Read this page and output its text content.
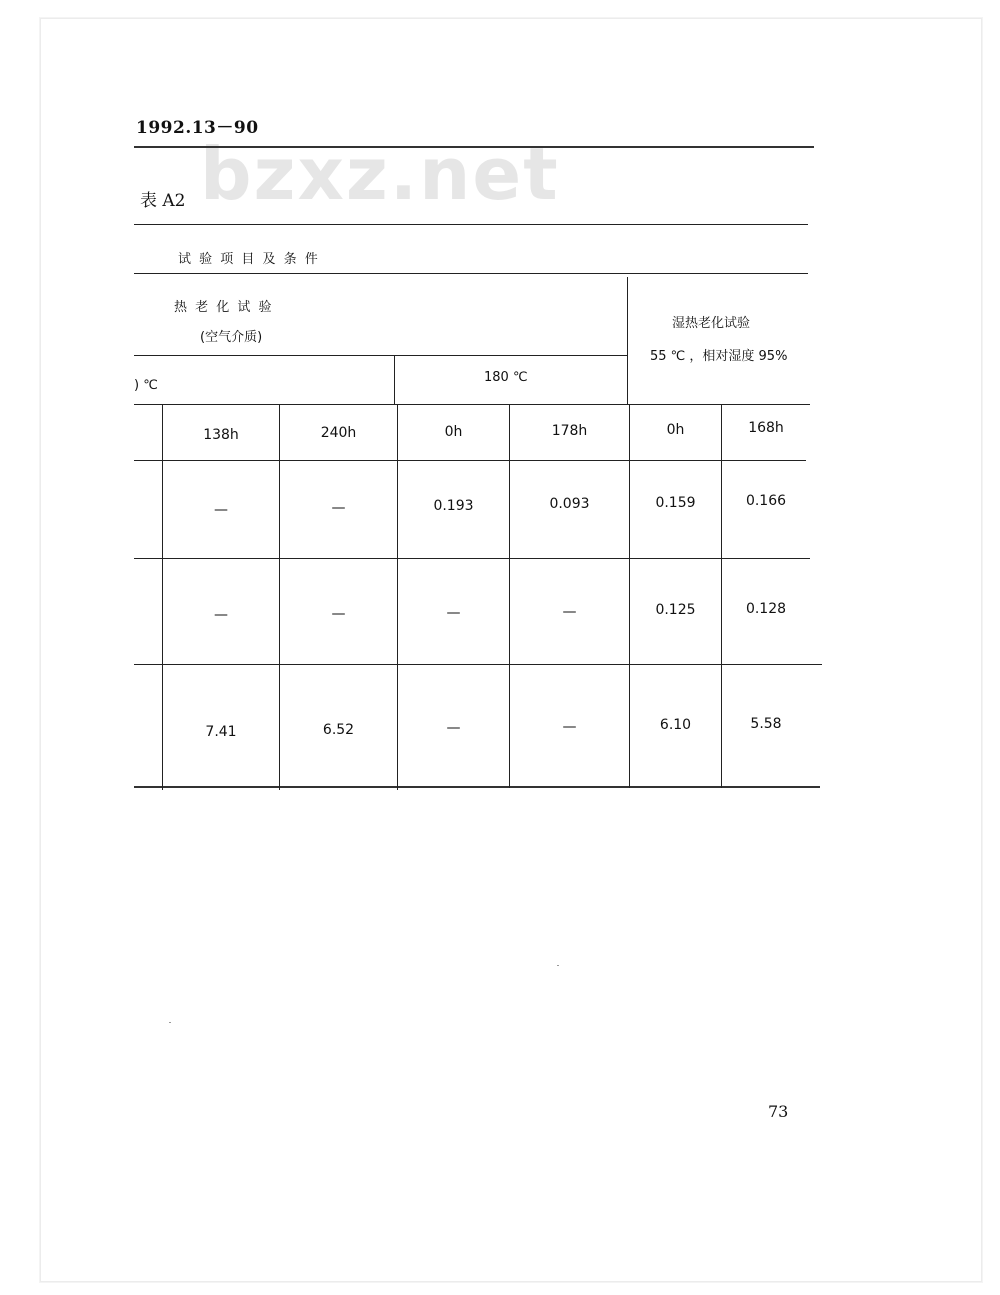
1992.13－90
bzxz.net
表 A2
试 验 项 目 及 条 件
热 老 化 试 验
(空气介质)
) ℃
180 ℃
湿热老化试验
55 ℃ ，相对湿度 95%
138h	240h	0h	178h	0h	168h
—	—	0.193	0.093	0.159	0.166
—	—	—	—	0.125	0.128
7.41	6.52	—	—	6.10	5.58
73
